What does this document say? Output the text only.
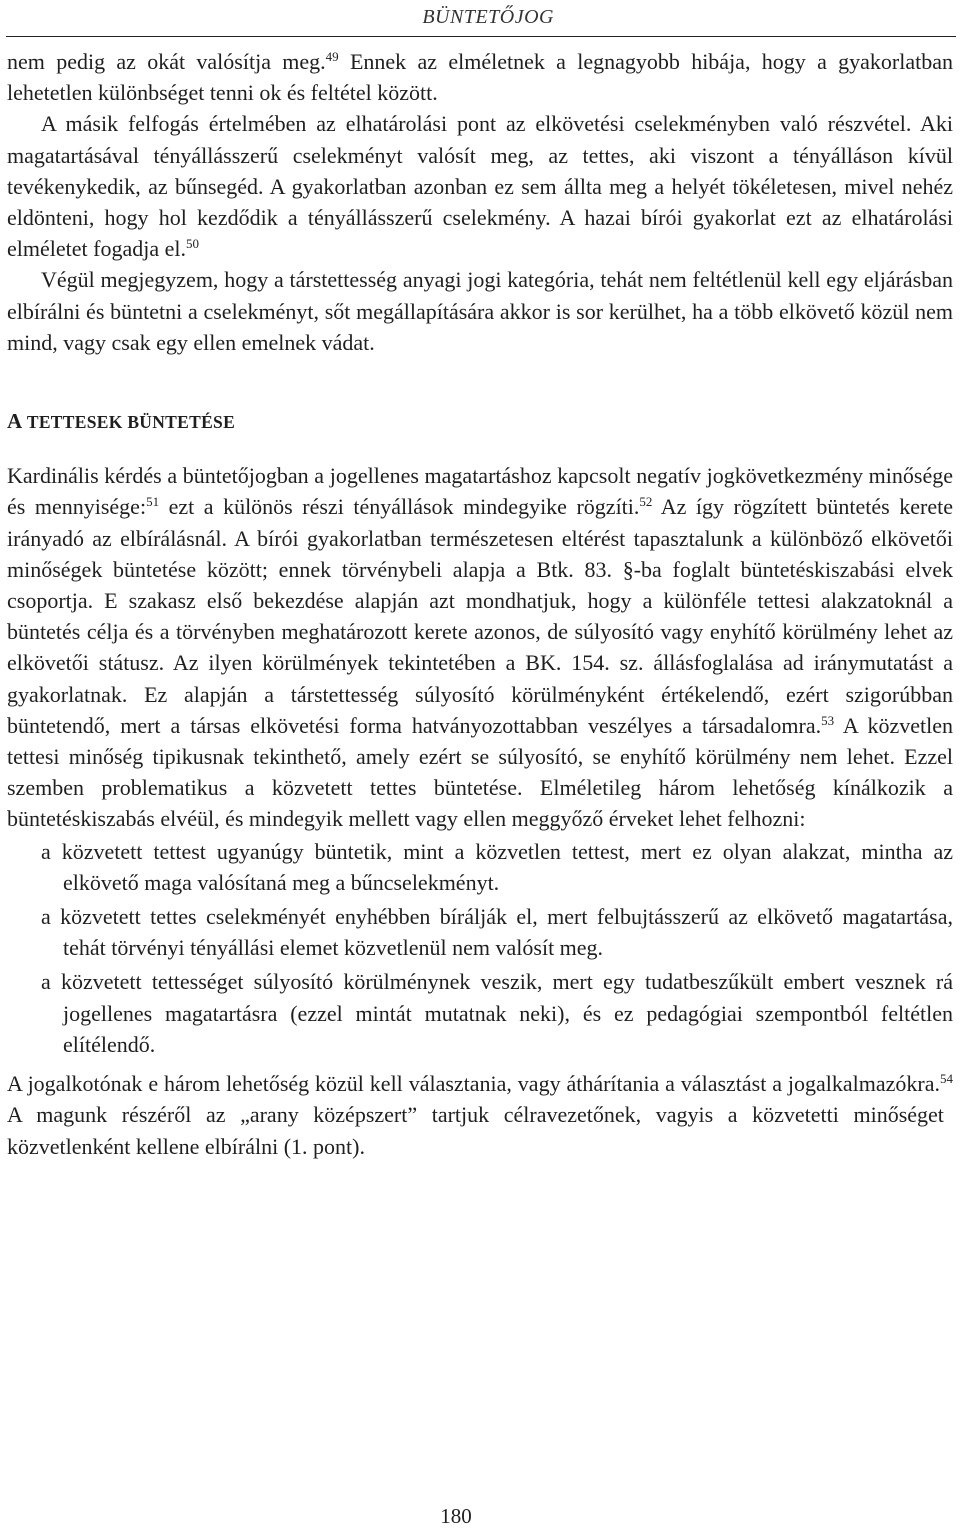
BÜNTETŐJOG

nem pedig az okát valósítja meg.$^{49}$ Ennek az elméletnek a legnagyobb hibája, hogy a gyakorlatban lehetetlen különbséget tenni ok és feltétel között.

A másik felfogás értelmében az elhatárolási pont az elkövetési cselekményben való részvétel. Aki magatartásával tényállásszerű cselekményt valósít meg, az tettes, aki viszont a tényálláson kívül tevékenykedik, az bűnsegéd. A gyakorlatban azonban ez sem állta meg a helyét tökéletesen, mivel nehéz eldönteni, hogy hol kezdődik a tényállásszerű cselekmény. A hazai bírói gyakorlat ezt az elhatárolási elméletet fogadja el.$^{50}$

Végül megjegyzem, hogy a társtettesség anyagi jogi kategória, tehát nem feltétlenül kell egy eljárásban elbírálni és büntetni a cselekményt, sőt megállapítására akkor is sor kerülhet, ha a több elkövető közül nem mind, vagy csak egy ellen emelnek vádat.

A TETTESEK BÜNTETÉSE

Kardinális kérdés a büntetőjogban a jogellenes magatartáshoz kapcsolt negatív jogkövetkezmény minősége és mennyisége:$^{51}$ ezt a különös részi tényállások mindegyike rögzíti.$^{52}$ Az így rögzített büntetés kerete irányadó az elbírálásnál. A bírói gyakorlatban természetesen eltérést tapasztalunk a különböző elkövetői minőségek büntetése között; ennek törvénybeli alapja a Btk. 83. §-ba foglalt büntetéskiszabási elvek csoportja. E szakasz első bekezdése alapján azt mondhatjuk, hogy a különféle tettesi alakzatoknál a büntetés célja és a törvényben meghatározott kerete azonos, de súlyosító vagy enyhítő körülmény lehet az elkövetői státusz. Az ilyen körülmények tekintetében a BK. 154. sz. állásfoglalása ad iránymutatást a gyakorlatnak. Ez alapján a társtettesség súlyosító körülményként értékelendő, ezért szigorúbban büntetendő, mert a társas elkövetési forma hatványozottabban veszélyes a társadalomra.$^{53}$ A közvetlen tettesi minőség tipikusnak tekinthető, amely ezért se súlyosító, se enyhítő körülmény nem lehet. Ezzel szemben problematikus a közvetett tettes büntetése. Elméletileg három lehetőség kínálkozik a büntetéskiszabás elvéül, és mindegyik mellett vagy ellen meggyőző érveket lehet felhozni:

a közvetett tettest ugyanúgy büntetik, mint a közvetlen tettest, mert ez olyan alakzat, mintha az elkövető maga valósítaná meg a bűncselekményt.
a közvetett tettes cselekményét enyhébben bírálják el, mert felbujtásszerű az elkövető magatartása, tehát törvényi tényállási elemet közvetlenül nem valósít meg.
a közvetett tettességet súlyosító körülménynek veszik, mert egy tudatbeszűkült embert vesznek rá jogellenes magatartásra (ezzel mintát mutatnak neki), és ez pedagógiai szempontból feltétlen elítélendő.

A jogalkotónak e három lehetőség közül kell választania, vagy áthárítania a választást a jogalkalmazókra.$^{54}$ A magunk részéről az „arany középszert” tartjuk célravezetőnek, vagyis a közvetetti minőséget közvetlenként kellene elbírálni (1. pont).

180
